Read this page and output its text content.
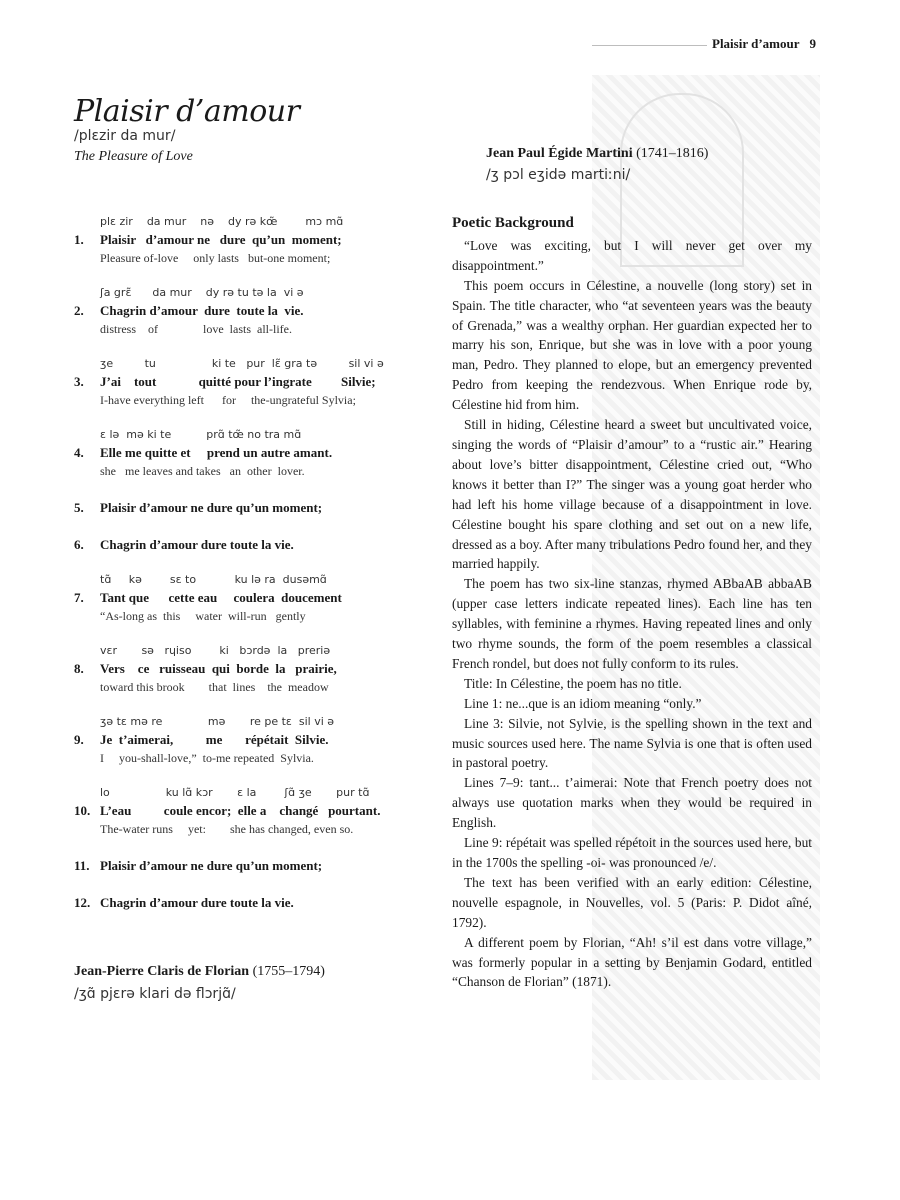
Plaisir d’amour 9
Plaisir d’amour
/plɛzir da mur/
The Pleasure of Love	Jean Paul Égide Martini (1741–1816)
/ʒ pɔl eʒidə martiːni/
plɛ zir    da mur    nə    dy rə kœ̃        mɔ mɑ̃
1. Plaisir   d’amour ne   dure  qu’un  moment;
Pleasure of-love     only lasts   but-one moment;
ʃa grɛ̃      da mur    dy rə tu tə la  vi ə
2. Chagrin d’amour  dure  toute la  vie.
distress    of               love  lasts  all-life.
ʒe         tu                ki te   pur  lɛ̃ gra tə         sil vi ə
3. J’ai    tout             quitté pour l’ingrate         Silvie;
I-have everything left      for     the-ungrateful Sylvia;
ɛ lə  mə ki te          prɑ̃ tœ̃ no tra mɑ̃
4. Elle me quitte et     prend un autre amant.
she   me leaves and takes   an  other  lover.
5. Plaisir d’amour ne dure qu’un moment;
6. Chagrin d’amour dure toute la vie.
tɑ̃     kə        sɛ to           ku lə ra  dusəmɑ̃
7. Tant que      cette eau     coulera  doucement
“As-long as  this     water  will-run   gently
vɛr       sə   rɥiso        ki   bɔrdə  la   preriə
8. Vers    ce   ruisseau  qui  borde  la   prairie,
toward this brook        that  lines    the  meadow
ʒə tɛ mə re             mə       re pe tɛ  sil vi ə
9. Je  t’aimerai,          me       répétait  Silvie.
I     you-shall-love,”  to-me repeated  Sylvia.
lo                ku lɑ̃ kɔr       ɛ la        ʃɑ̃ ʒe       pur tɑ̃
10. L’eau          coule encor;  elle a    changé   pourtant.
The-water runs     yet:        she has changed, even so.
11. Plaisir d’amour ne dure qu’un moment;
12. Chagrin d’amour dure toute la vie.
Jean-Pierre Claris de Florian (1755–1794)
/ʒɑ̃ pjɛrə klari də flɔrjɑ̃/
Poetic Background

“Love was exciting, but I will never get over my disappointment.”

This poem occurs in Célestine, a nouvelle (long story) set in Spain. The title character, who “at seventeen years was the beauty of Grenada,” was a wealthy orphan. Her guardian expected her to marry his son, Enrique, but she was in love with a poor young man, Pedro. They planned to elope, but an emergency prevented Pedro from keeping the rendezvous. When Enrique rode by, Célestine hid from him.

Still in hiding, Célestine heard a sweet but uncultivated voice, singing the words of “Plaisir d’amour” to a “rustic air.” Hearing about love’s bitter disappointment, Célestine cried out, “Who knows it better than I?” The singer was a young goat herder who had left his home village because of a disappointment in love. Célestine bought his spare clothing and set out on a new life, dressed as a boy. After many tribulations Pedro found her, and they married happily.

The poem has two six-line stanzas, rhymed ABbaAB abbaAB (upper case letters indicate repeated lines). Each line has ten syllables, with feminine a rhymes. Having repeated lines and only two rhyme sounds, the form of the poem resembles a classical French rondel, but does not fully conform to its rules.

Title: In Célestine, the poem has no title.

Line 1: ne...que is an idiom meaning “only.”

Line 3: Silvie, not Sylvie, is the spelling shown in the text and music sources used here. The name Sylvia is one that is often used in pastoral poetry.

Lines 7–9: tant... t’aimerai: Note that French poetry does not always use quotation marks when they would be required in English.

Line 9: répétait was spelled répétoit in the sources used here, but in the 1700s the spelling -oi- was pronounced /e/.

The text has been verified with an early edition: Célestine, nouvelle espagnole, in Nouvelles, vol. 5 (Paris: P. Didot aîné, 1792).

A different poem by Florian, “Ah! s’il est dans votre village,” was formerly popular in a setting by Benjamin Godard, entitled “Chanson de Florian” (1871).
